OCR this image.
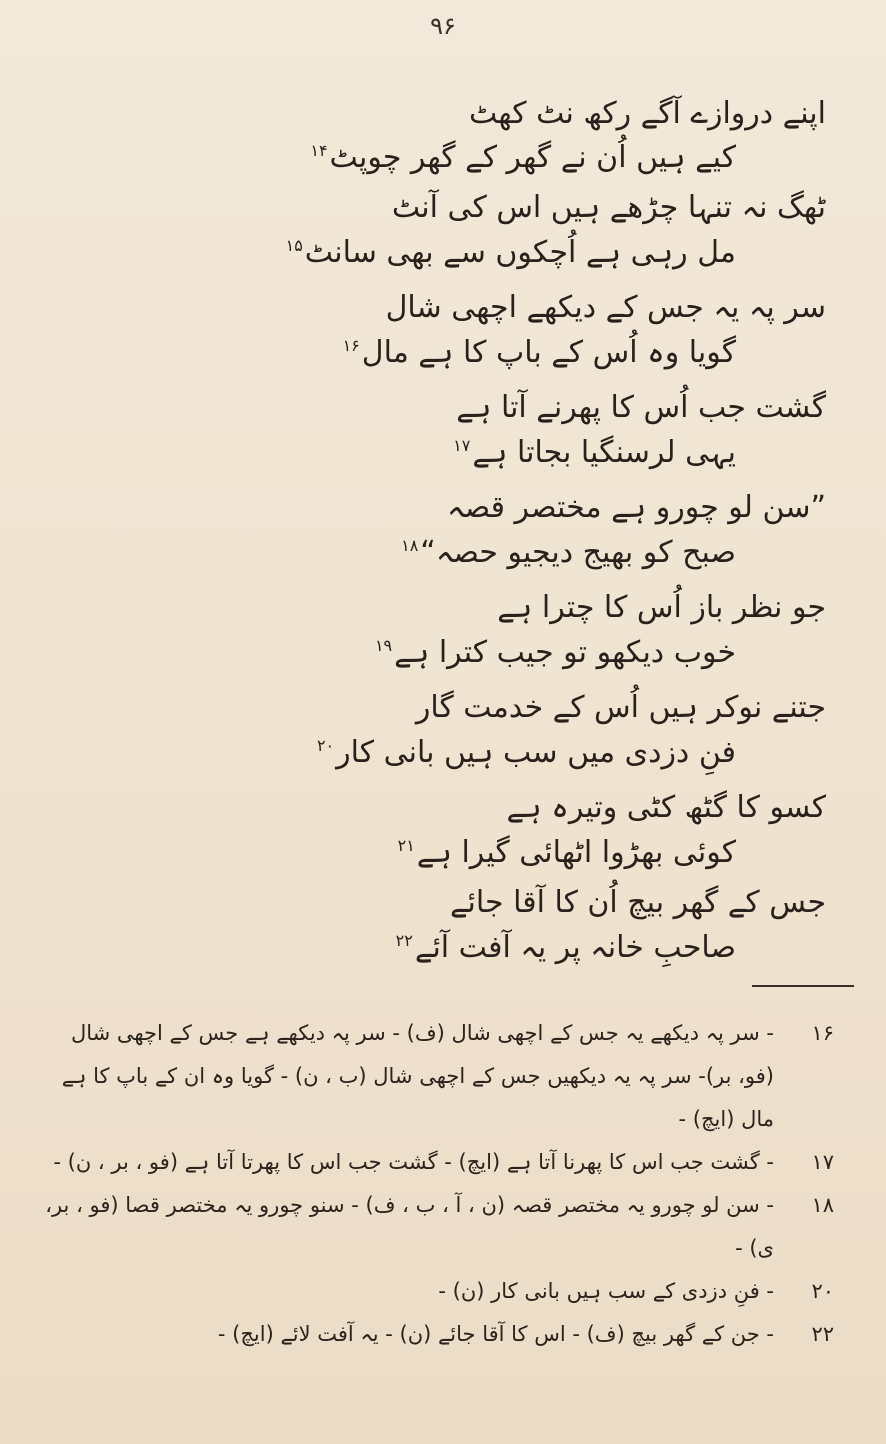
۹۶
اپنے دروازے آگے رکھ نٹ کھٹ
کیے ہیں اُن نے گھر کے گھر چوپٹ$^{۱۴}$
ٹھگ نہ تنہا چڑھے ہیں اس کی آنٹ
مل رہی ہے اُچکوں سے بھی سانٹ$^{۱۵}$
سر پہ یہ جس کے دیکھے اچھی شال
گویا وہ اُس کے باپ کا ہے مال$^{۱۶}$
گشت جب اُس کا پھرنے آتا ہے
یہی لرسنگیا بجاتا ہے$^{۱۷}$
”سن لو چورو ہے مختصر قصہ
صبح کو بھیج دیجیو حصہ“$^{۱۸}$
جو نظر باز اُس کا چترا ہے
خوب دیکھو تو جیب کترا ہے$^{۱۹}$
جتنے نوکر ہیں اُس کے خدمت گار
فنِ دزدی میں سب ہیں بانی کار$^{۲۰}$
کسو کا گٹھ کٹی وتیرہ ہے
کوئی بھڑوا اٹھائی گیرا ہے$^{۲۱}$
جس کے گھر بیچ اُن کا آقا جائے
صاحبِ خانہ پر یہ آفت آئے$^{۲۲}$
۱۶
- سر پہ دیکھے یہ جس کے اچھی شال (ف) - سر پہ دیکھے ہے جس کے اچھی شال (فو، بر)- سر پہ یہ دیکھیں جس کے اچھی شال (ب ، ن) - گویا وہ ان کے باپ کا ہے مال (ایچ) -
۱۷
- گشت جب اس کا پھرنا آتا ہے (ایچ) - گشت جب اس کا پھرتا آتا ہے (فو ، بر ، ن) -
۱۸
- سن لو چورو یہ مختصر قصہ (ن ، آ ، ب ، ف) - سنو چورو یہ مختصر قصا (فو ، بر، ی) -
۲۰
- فنِ دزدی کے سب ہیں بانی کار (ن) -
۲۲
- جن کے گھر بیچ (ف) - اس کا آقا جائے (ن) - یہ آفت لائے (ایچ) -
